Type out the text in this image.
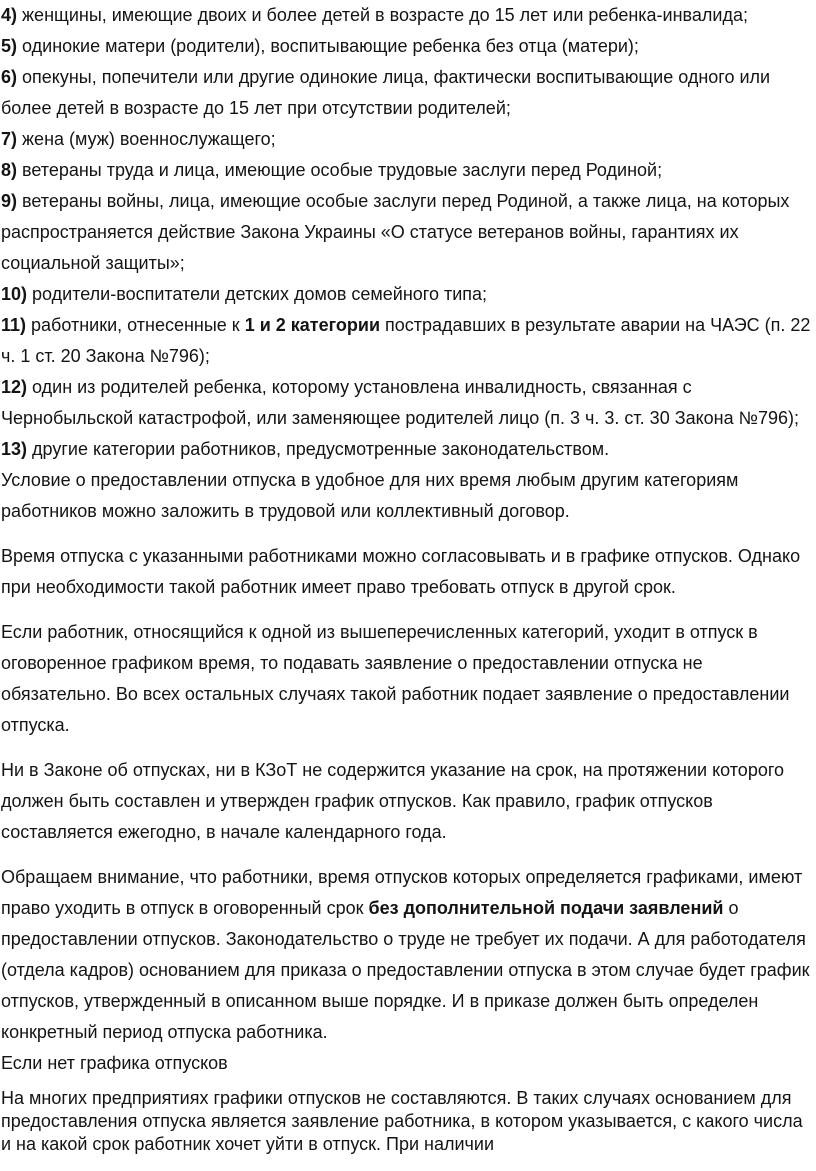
4) женщины, имеющие двоих и более детей в возрасте до 15 лет или ребенка-инвалида;

5) одинокие матери (родители), воспитывающие ребенка без отца (матери);

6) опекуны, попечители или другие одинокие лица, фактически воспитывающие одного или более детей в возрасте до 15 лет при отсутствии родителей;

7) жена (муж) военнослужащего;

8) ветераны труда и лица, имеющие особые трудовые заслуги перед Родиной;

9) ветераны войны, лица, имеющие особые заслуги перед Родиной, а также лица, на которых распространяется действие Закона Украины «О статусе ветеранов войны, гарантиях их социальной защиты»;

10) родители-воспитатели детских домов семейного типа;

11) работники, отнесенные к 1 и 2 категории пострадавших в результате аварии на ЧАЭС (п. 22 ч. 1 ст. 20 Закона №796);

12) один из родителей ребенка, которому установлена инвалидность, связанная с Чернобыльской катастрофой, или заменяющее родителей лицо (п. 3 ч. 3. ст. 30 Закона №796);

13) другие категории работников, предусмотренные законодательством.

Условие о предоставлении отпуска в удобное для них время любым другим категориям работников можно заложить в трудовой или коллективный договор.

Время отпуска с указанными работниками можно согласовывать и в графике отпусков. Однако при необходимости такой работник имеет право требовать отпуск в другой срок.

Если работник, относящийся к одной из вышеперечисленных категорий, уходит в отпуск в оговоренное графиком время, то подавать заявление о предоставлении отпуска не обязательно. Во всех остальных случаях такой работник подает заявление о предоставлении отпуска.

Ни в Законе об отпусках, ни в КЗоТ не содержится указание на срок, на протяжении которого должен быть составлен и утвержден график отпусков. Как правило, график отпусков составляется ежегодно, в начале календарного года.

Обращаем внимание, что работники, время отпусков которых определяется графиками, имеют право уходить в отпуск в оговоренный срок без дополнительной подачи заявлений о предоставлении отпусков. Законодательство о труде не требует их подачи. А для работодателя (отдела кадров) основанием для приказа о предоставлении отпуска в этом случае будет график отпусков, утвержденный в описанном выше порядке. И в приказе должен быть определен конкретный период отпуска работника.

Если нет графика отпусков

На многих предприятиях графики отпусков не составляются. В таких случаях основанием для предоставления отпуска является заявление работника, в котором указывается, с какого числа и на какой срок работник хочет уйти в отпуск. При наличии
